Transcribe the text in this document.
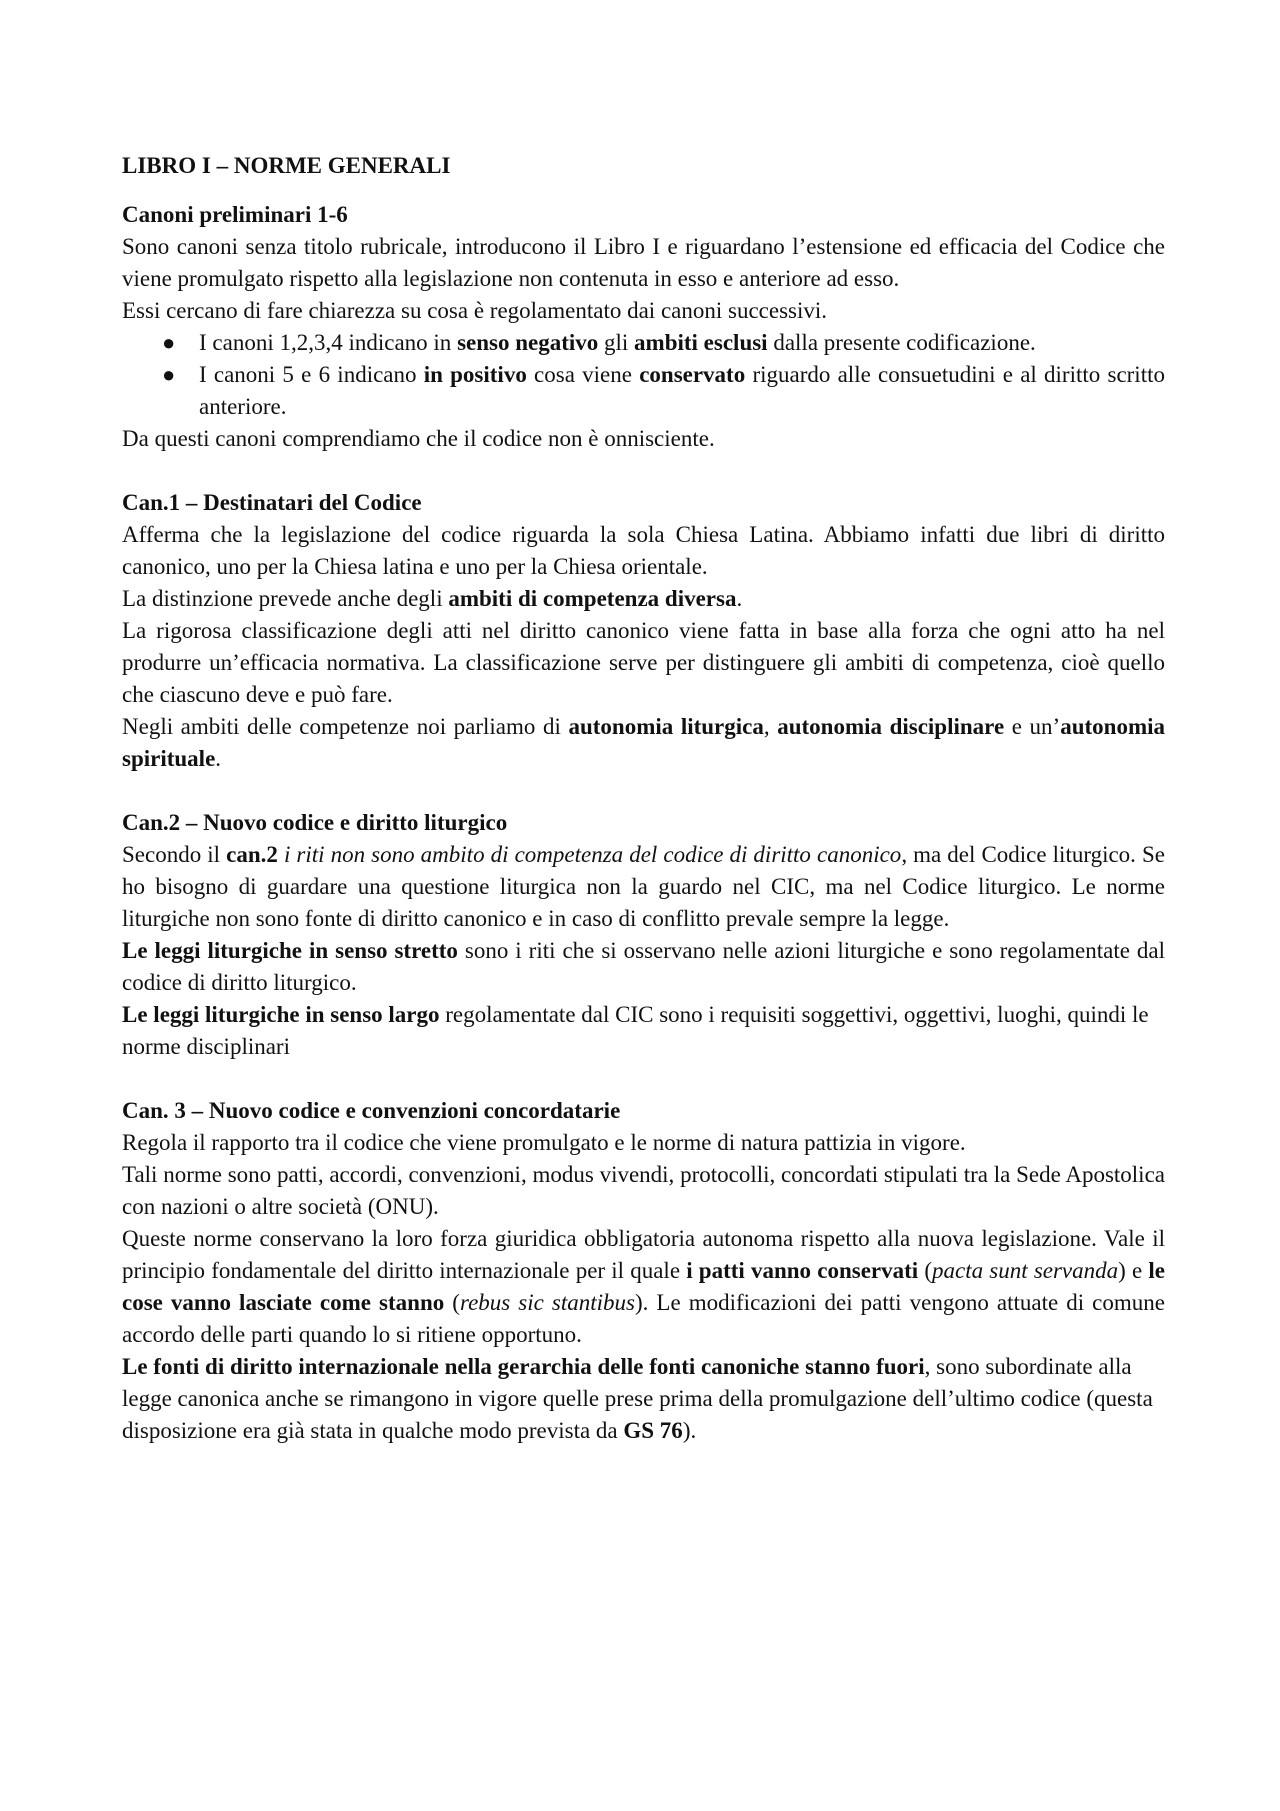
LIBRO I – NORME GENERALI
Canoni preliminari 1-6

Sono canoni senza titolo rubricale, introducono il Libro I e riguardano l’estensione ed efficacia del Codice che viene promulgato rispetto alla legislazione non contenuta in esso e anteriore ad esso.

Essi cercano di fare chiarezza su cosa è regolamentato dai canoni successivi.

● I canoni 1,2,3,4 indicano in senso negativo gli ambiti esclusi dalla presente codificazione.
● I canoni 5 e 6 indicano in positivo cosa viene conservato riguardo alle consuetudini e al diritto scritto anteriore.

Da questi canoni comprendiamo che il codice non è onnisciente.

Can.1 – Destinatari del Codice

Afferma che la legislazione del codice riguarda la sola Chiesa Latina. Abbiamo infatti due libri di diritto canonico, uno per la Chiesa latina e uno per la Chiesa orientale.

La distinzione prevede anche degli ambiti di competenza diversa.

La rigorosa classificazione degli atti nel diritto canonico viene fatta in base alla forza che ogni atto ha nel produrre un’efficacia normativa. La classificazione serve per distinguere gli ambiti di competenza, cioè quello che ciascuno deve e può fare.

Negli ambiti delle competenze noi parliamo di autonomia liturgica, autonomia disciplinare e un’autonomia spirituale.

Can.2 – Nuovo codice e diritto liturgico

Secondo il can.2 i riti non sono ambito di competenza del codice di diritto canonico, ma del Codice liturgico. Se ho bisogno di guardare una questione liturgica non la guardo nel CIC, ma nel Codice liturgico. Le norme liturgiche non sono fonte di diritto canonico e in caso di conflitto prevale sempre la legge.

Le leggi liturgiche in senso stretto sono i riti che si osservano nelle azioni liturgiche e sono regolamentate dal codice di diritto liturgico.

Le leggi liturgiche in senso largo regolamentate dal CIC sono i requisiti soggettivi, oggettivi, luoghi, quindi le norme disciplinari

Can. 3 – Nuovo codice e convenzioni concordatarie

Regola il rapporto tra il codice che viene promulgato e le norme di natura pattizia in vigore.

Tali norme sono patti, accordi, convenzioni, modus vivendi, protocolli, concordati stipulati tra la Sede Apostolica con nazioni o altre società (ONU).

Queste norme conservano la loro forza giuridica obbligatoria autonoma rispetto alla nuova legislazione. Vale il principio fondamentale del diritto internazionale per il quale i patti vanno conservati (pacta sunt servanda) e le cose vanno lasciate come stanno (rebus sic stantibus). Le modificazioni dei patti vengono attuate di comune accordo delle parti quando lo si ritiene opportuno.

Le fonti di diritto internazionale nella gerarchia delle fonti canoniche stanno fuori, sono subordinate alla legge canonica anche se rimangono in vigore quelle prese prima della promulgazione dell’ultimo codice (questa disposizione era già stata in qualche modo prevista da GS 76).
